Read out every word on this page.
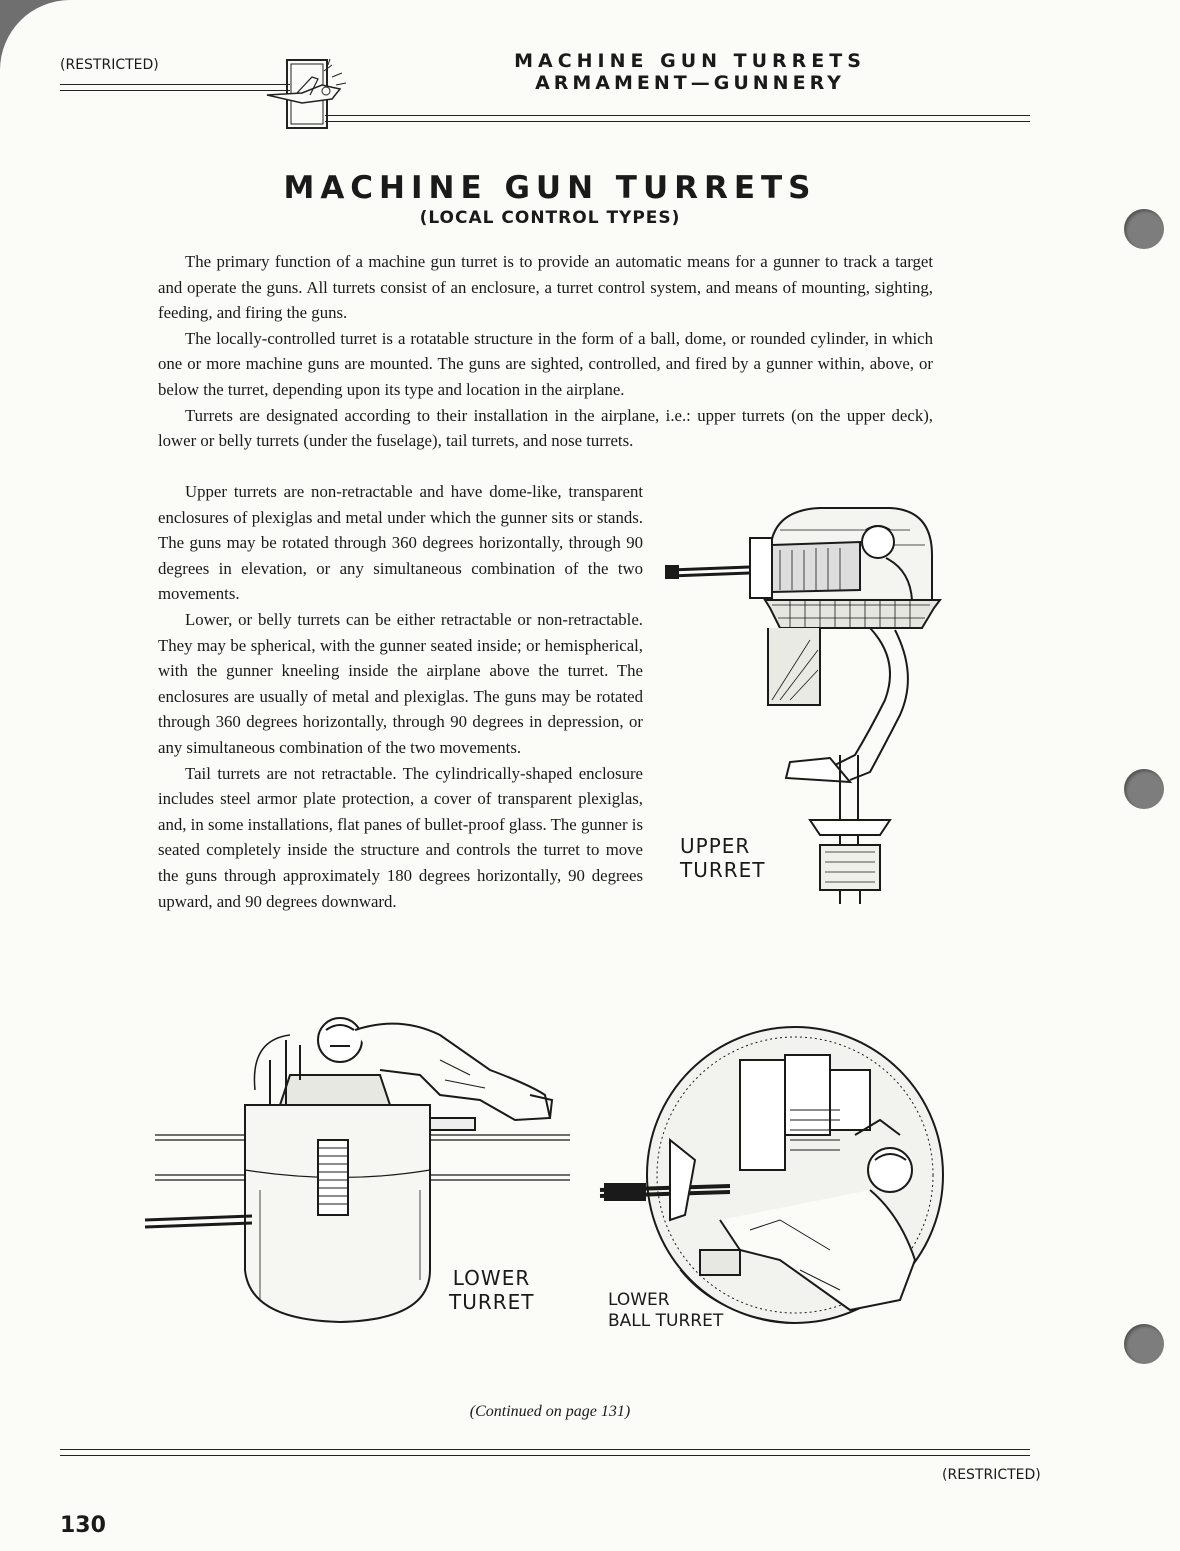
(RESTRICTED)	MACHINE GUN TURRETS
ARMAMENT—GUNNERY
MACHINE GUN TURRETS
(LOCAL CONTROL TYPES)

The primary function of a machine gun turret is to provide an automatic means for a gunner to track a target and operate the guns. All turrets consist of an enclosure, a turret control system, and means of mounting, sighting, feeding, and firing the guns.

The locally-controlled turret is a rotatable structure in the form of a ball, dome, or rounded cylinder, in which one or more machine guns are mounted. The guns are sighted, controlled, and fired by a gunner within, above, or below the turret, depending upon its type and location in the airplane.

Turrets are designated according to their installation in the airplane, i.e.: upper turrets (on the upper deck), lower or belly turrets (under the fuselage), tail turrets, and nose turrets.

Upper turrets are non-retractable and have dome-like, transparent enclosures of plexiglas and metal under which the gunner sits or stands. The guns may be rotated through 360 degrees horizontally, through 90 degrees in elevation, or any simultaneous combination of the two movements.

Lower, or belly turrets can be either retractable or non-retractable. They may be spherical, with the gunner seated inside; or hemispherical, with the gunner kneeling inside the airplane above the turret. The enclosures are usually of metal and plexiglas. The guns may be rotated through 360 degrees horizontally, through 90 degrees in depression, or any simultaneous combination of the two movements.

Tail turrets are not retractable. The cylindrically-shaped enclosure includes steel armor plate protection, a cover of transparent plexiglas, and, in some installations, flat panes of bullet-proof glass. The gunner is seated completely inside the structure and controls the turret to move the guns through approximately 180 degrees horizontally, 90 degrees upward, and 90 degrees downward.

UPPER
TURRET
LOWER
TURRET	LOWER
BALL TURRET
(Continued on page 131)
(RESTRICTED)
130
